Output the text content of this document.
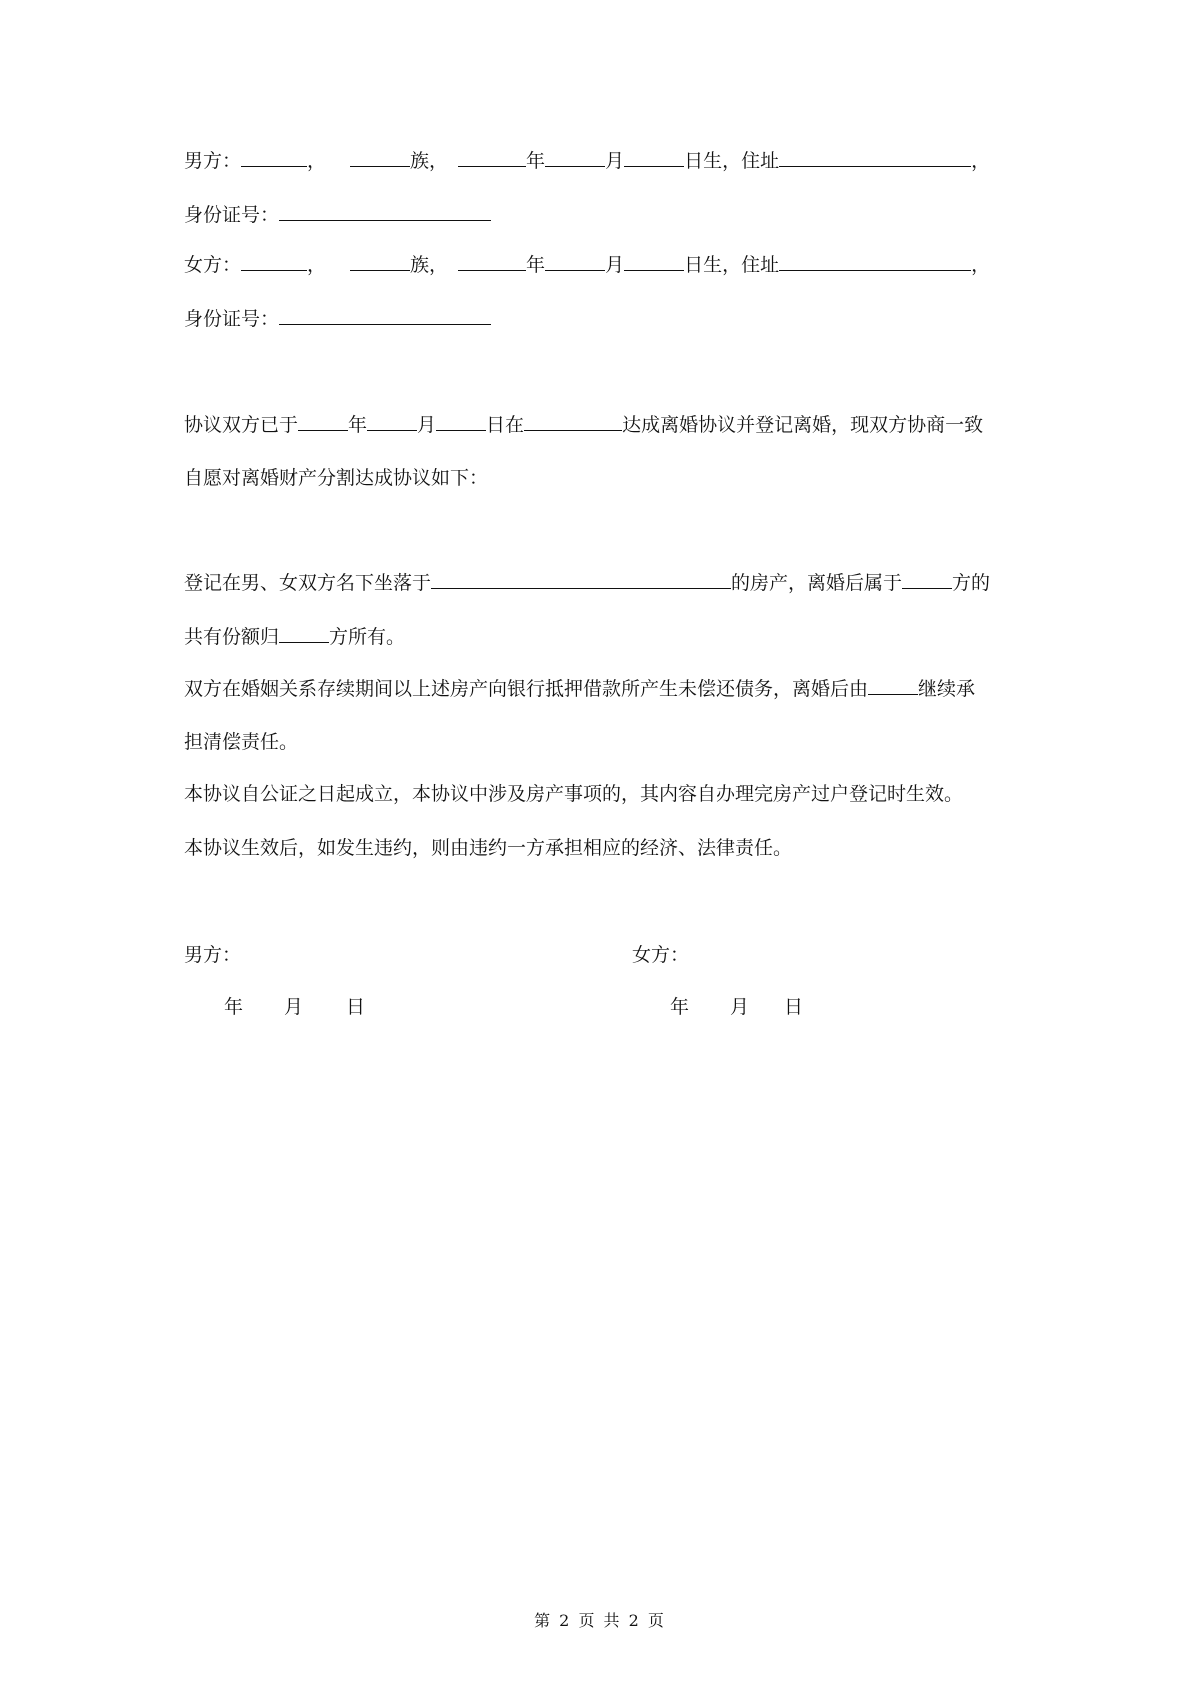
男方：	，	族，	年	月	日生，住址	，
身份证号：
女方：	，	族，	年	月	日生，住址	，
身份证号：
协议双方已于	年	月	日在	达成离婚协议并登记离婚，现双方协商一致
自愿对离婚财产分割达成协议如下：
登记在男、女双方名下坐落于	的房产，离婚后属于	方的
共有份额归	方所有。
双方在婚姻关系存续期间以上述房产向银行抵押借款所产生未偿还债务，离婚后由	继续承
担清偿责任。
本协议自公证之日起成立，本协议中涉及房产事项的，其内容自办理完房产过户登记时生效。
本协议生效后，如发生违约，则由违约一方承担相应的经济、法律责任。
男方：	女方：
年 月 日	年 月 日
第 2 页 共 2 页
